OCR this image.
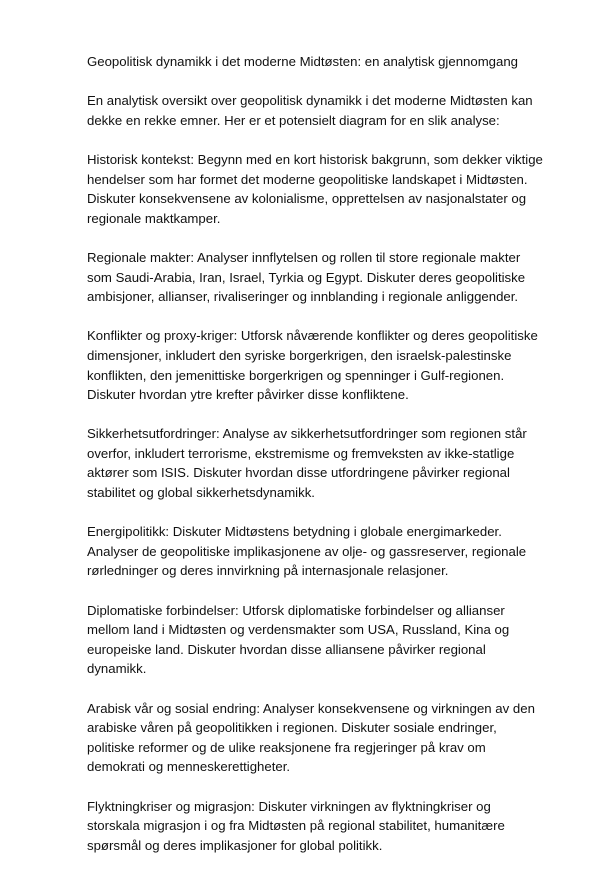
Geopolitisk dynamikk i det moderne Midtøsten: en analytisk gjennomgang

En analytisk oversikt over geopolitisk dynamikk i det moderne Midtøsten kan dekke en rekke emner. Her er et potensielt diagram for en slik analyse:

Historisk kontekst: Begynn med en kort historisk bakgrunn, som dekker viktige hendelser som har formet det moderne geopolitiske landskapet i Midtøsten. Diskuter konsekvensene av kolonialisme, opprettelsen av nasjonalstater og regionale maktkamper.

Regionale makter: Analyser innflytelsen og rollen til store regionale makter som Saudi-Arabia, Iran, Israel, Tyrkia og Egypt. Diskuter deres geopolitiske ambisjoner, allianser, rivaliseringer og innblanding i regionale anliggender.

Konflikter og proxy-kriger: Utforsk nåværende konflikter og deres geopolitiske dimensjoner, inkludert den syriske borgerkrigen, den israelsk-palestinske konflikten, den jemenittiske borgerkrigen og spenninger i Gulf-regionen. Diskuter hvordan ytre krefter påvirker disse konfliktene.

Sikkerhetsutfordringer: Analyse av sikkerhetsutfordringer som regionen står overfor, inkludert terrorisme, ekstremisme og fremveksten av ikke-statlige aktører som ISIS. Diskuter hvordan disse utfordringene påvirker regional stabilitet og global sikkerhetsdynamikk.

Energipolitikk: Diskuter Midtøstens betydning i globale energimarkeder. Analyser de geopolitiske implikasjonene av olje- og gassreserver, regionale rørledninger og deres innvirkning på internasjonale relasjoner.

Diplomatiske forbindelser: Utforsk diplomatiske forbindelser og allianser mellom land i Midtøsten og verdensmakter som USA, Russland, Kina og europeiske land. Diskuter hvordan disse alliansene påvirker regional dynamikk.

Arabisk vår og sosial endring: Analyser konsekvensene og virkningen av den arabiske våren på geopolitikken i regionen. Diskuter sosiale endringer, politiske reformer og de ulike reaksjonene fra regjeringer på krav om demokrati og menneskerettigheter.

Flyktningkriser og migrasjon: Diskuter virkningen av flyktningkriser og storskala migrasjon i og fra Midtøsten på regional stabilitet, humanitære spørsmål og deres implikasjoner for global politikk.
